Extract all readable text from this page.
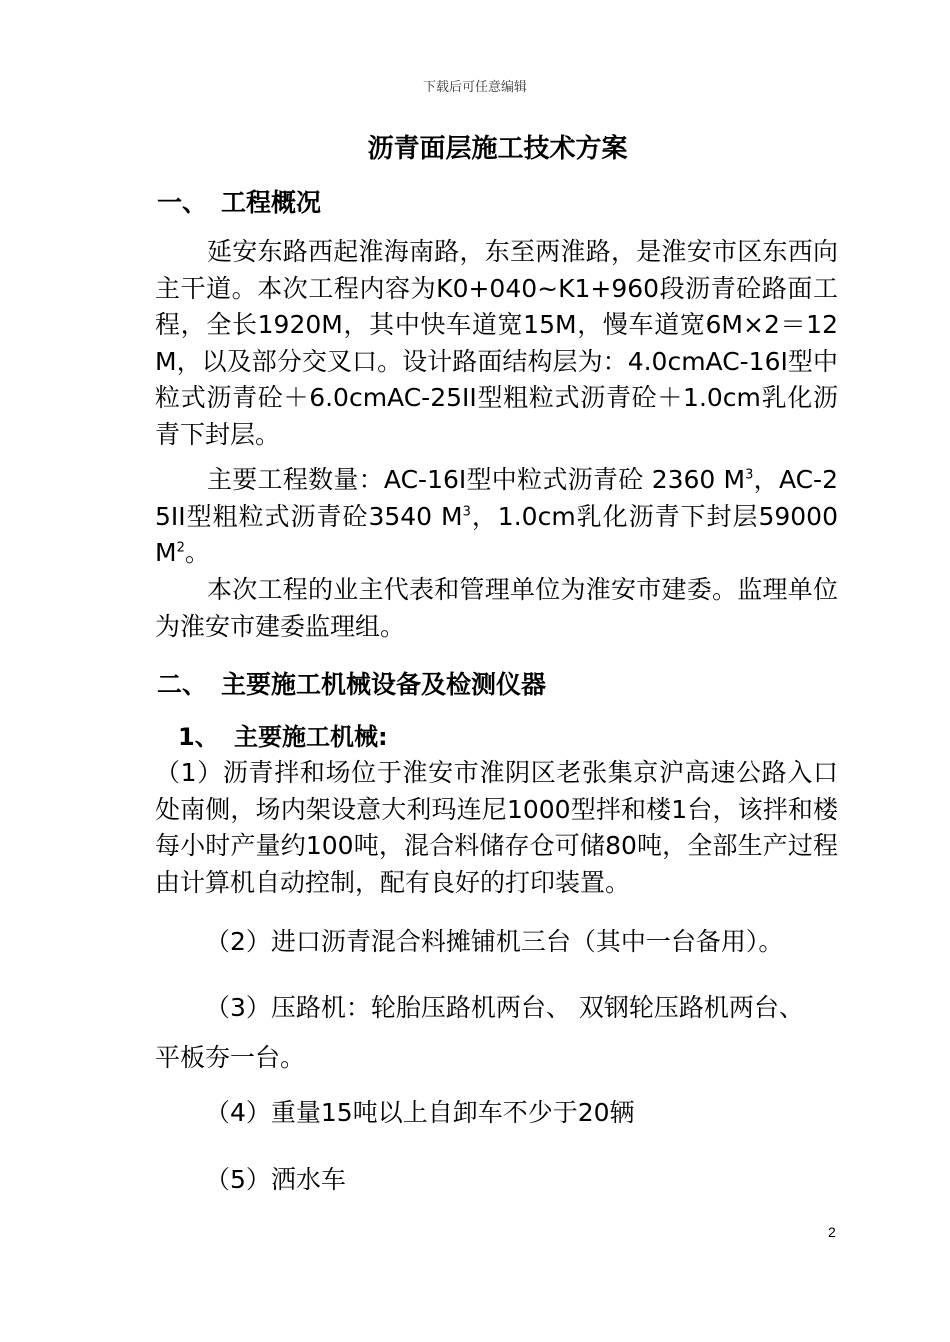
下载后可任意编辑
沥青面层施工技术方案
一、 工程概况
延安东路西起淮海南路，东至两淮路，是淮安市区东西向主干道。本次工程内容为K0+040~K1+960段沥青砼路面工程，全长1920M，其中快车道宽15M，慢车道宽6M×2＝12M，以及部分交叉口。设计路面结构层为：4.0cmAC-16I型中粒式沥青砼＋6.0cmAC-25II型粗粒式沥青砼＋1.0cm乳化沥青下封层。
主要工程数量：AC-16I型中粒式沥青砼 2360 $M^3$，AC-25II型粗粒式沥青砼3540 $M^3$，1.0cm乳化沥青下封层59000 $M^2$。
本次工程的业主代表和管理单位为淮安市建委。监理单位为淮安市建委监理组。
二、 主要施工机械设备及检测仪器
1、 主要施工机械:
（1）沥青拌和场位于淮安市淮阴区老张集京沪高速公路入口处南侧，场内架设意大利玛连尼1000型拌和楼1台，该拌和楼每小时产量约100吨，混合料储存仓可储80吨，全部生产过程由计算机自动控制，配有良好的打印装置。
（2）进口沥青混合料摊铺机三台（其中一台备用）。
（3）压路机：轮胎压路机两台、 双钢轮压路机两台、
平板夯一台。
（4）重量15吨以上自卸车不少于20辆
（5）洒水车
2
